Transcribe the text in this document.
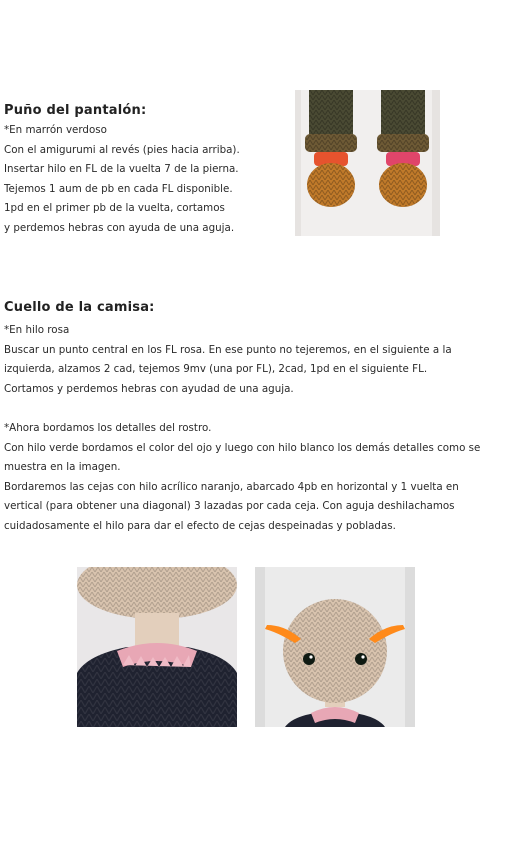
Puño del pantalón:
*En marrón verdoso
Con el amigurumi al revés (pies hacia arriba).
Insertar hilo en FL de la vuelta 7 de la pierna.
Tejemos 1 aum de pb en cada FL disponible.
1pd en el primer pb de la vuelta, cortamos
y perdemos hebras con ayuda de una aguja.
Cuello de la camisa:
*En hilo rosa
Buscar un punto central en los FL rosa. En ese punto no tejeremos, en el siguiente a la
izquierda, alzamos 2 cad, tejemos 9mv (una por FL), 2cad, 1pd en el siguiente FL.
Cortamos y perdemos hebras con ayudad de una aguja.
*Ahora bordamos los detalles del rostro.
Con hilo verde bordamos el color del ojo y luego con hilo blanco los demás detalles como se
muestra en la imagen.
Bordaremos las cejas con hilo acrílico naranjo, abarcado 4pb en horizontal y 1 vuelta en
vertical (para obtener una diagonal) 3 lazadas por cada ceja. Con aguja deshilachamos
cuidadosamente el hilo para dar el efecto de cejas despeinadas y pobladas.
